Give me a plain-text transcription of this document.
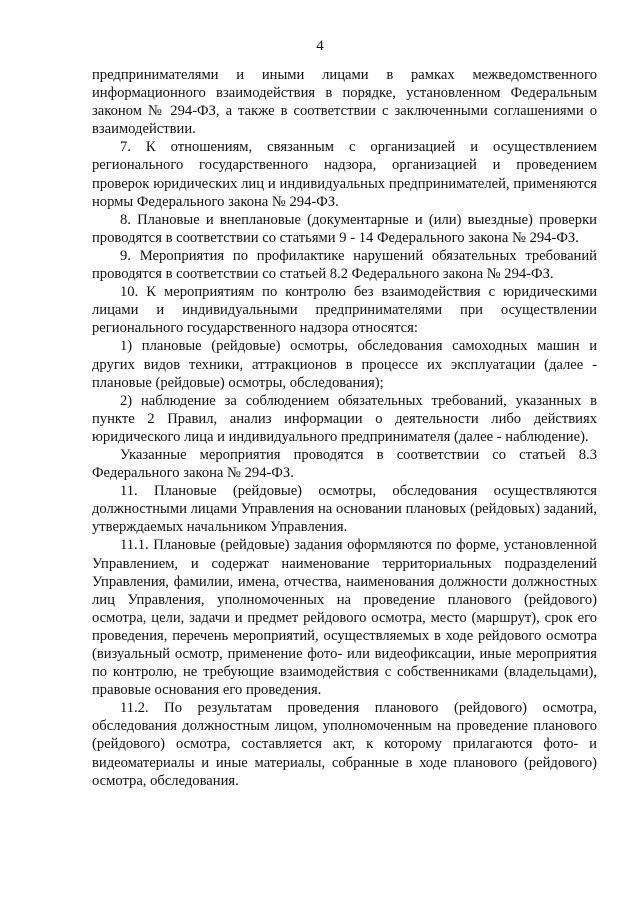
4

предпринимателями и иными лицами в рамках межведомственного информационного взаимодействия в порядке, установленном Федеральным законом № 294-ФЗ, а также в соответствии с заключенными соглашениями о взаимодействии.

7. К отношениям, связанным с организацией и осуществлением регионального государственного надзора, организацией и проведением проверок юридических лиц и индивидуальных предпринимателей, применяются нормы Федерального закона № 294-ФЗ.

8. Плановые и внеплановые (документарные и (или) выездные) проверки проводятся в соответствии со статьями 9 - 14 Федерального закона № 294-ФЗ.

9. Мероприятия по профилактике нарушений обязательных требований проводятся в соответствии со статьей 8.2 Федерального закона № 294-ФЗ.

10. К мероприятиям по контролю без взаимодействия с юридическими лицами и индивидуальными предпринимателями при осуществлении регионального государственного надзора относятся:

1) плановые (рейдовые) осмотры, обследования самоходных машин и других видов техники, аттракционов в процессе их эксплуатации (далее - плановые (рейдовые) осмотры, обследования);

2) наблюдение за соблюдением обязательных требований, указанных в пункте 2 Правил, анализ информации о деятельности либо действиях юридического лица и индивидуального предпринимателя (далее - наблюдение).

Указанные мероприятия проводятся в соответствии со статьей 8.3 Федерального закона № 294-ФЗ.

11. Плановые (рейдовые) осмотры, обследования осуществляются должностными лицами Управления на основании плановых (рейдовых) заданий, утверждаемых начальником Управления.

11.1. Плановые (рейдовые) задания оформляются по форме, установленной Управлением, и содержат наименование территориальных подразделений Управления, фамилии, имена, отчества, наименования должности должностных лиц Управления, уполномоченных на проведение планового (рейдового) осмотра, цели, задачи и предмет рейдового осмотра, место (маршрут), срок его проведения, перечень мероприятий, осуществляемых в ходе рейдового осмотра (визуальный осмотр, применение фото- или видеофиксации, иные мероприятия по контролю, не требующие взаимодействия с собственниками (владельцами), правовые основания его проведения.

11.2. По результатам проведения планового (рейдового) осмотра, обследования должностным лицом, уполномоченным на проведение планового (рейдового) осмотра, составляется акт, к которому прилагаются фото- и видеоматериалы и иные материалы, собранные в ходе планового (рейдового) осмотра, обследования.
